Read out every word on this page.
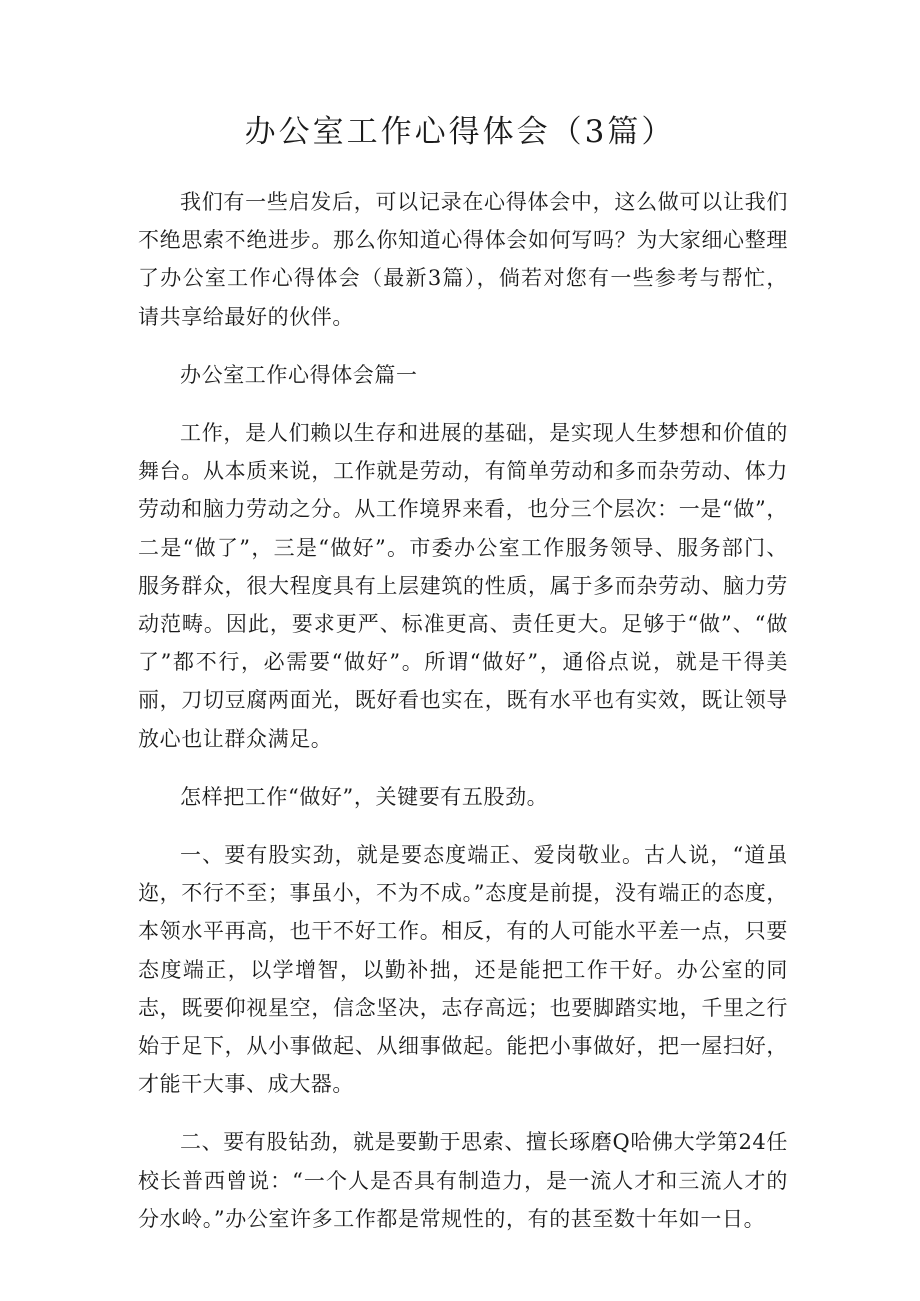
办公室工作心得体会（3篇）

我们有一些启发后，可以记录在心得体会中，这么做可以让我们不绝思索不绝进步。那么你知道心得体会如何写吗？为大家细心整理了办公室工作心得体会（最新3篇），倘若对您有一些参考与帮忙，请共享给最好的伙伴。

办公室工作心得体会篇一

工作，是人们赖以生存和进展的基础，是实现人生梦想和价值的舞台。从本质来说，工作就是劳动，有简单劳动和多而杂劳动、体力劳动和脑力劳动之分。从工作境界来看，也分三个层次：一是“做”，二是“做了”，三是“做好”。市委办公室工作服务领导、服务部门、服务群众，很大程度具有上层建筑的性质，属于多而杂劳动、脑力劳动范畴。因此，要求更严、标准更高、责任更大。足够于“做”、“做了”都不行，必需要“做好”。所谓“做好”，通俗点说，就是干得美丽，刀切豆腐两面光，既好看也实在，既有水平也有实效，既让领导放心也让群众满足。

怎样把工作“做好”，关键要有五股劲。

一、要有股实劲，就是要态度端正、爱岗敬业。古人说，“道虽迩，不行不至；事虽小，不为不成。”态度是前提，没有端正的态度，本领水平再高，也干不好工作。相反，有的人可能水平差一点，只要态度端正，以学增智，以勤补拙，还是能把工作干好。办公室的同志，既要仰视星空，信念坚决，志存高远；也要脚踏实地，千里之行始于足下，从小事做起、从细事做起。能把小事做好，把一屋扫好，才能干大事、成大器。

二、要有股钻劲，就是要勤于思索、擅长琢磨Q哈佛大学第24任校长普西曾说：“一个人是否具有制造力，是一流人才和三流人才的分水岭。”办公室许多工作都是常规性的，有的甚至数十年如一日。
